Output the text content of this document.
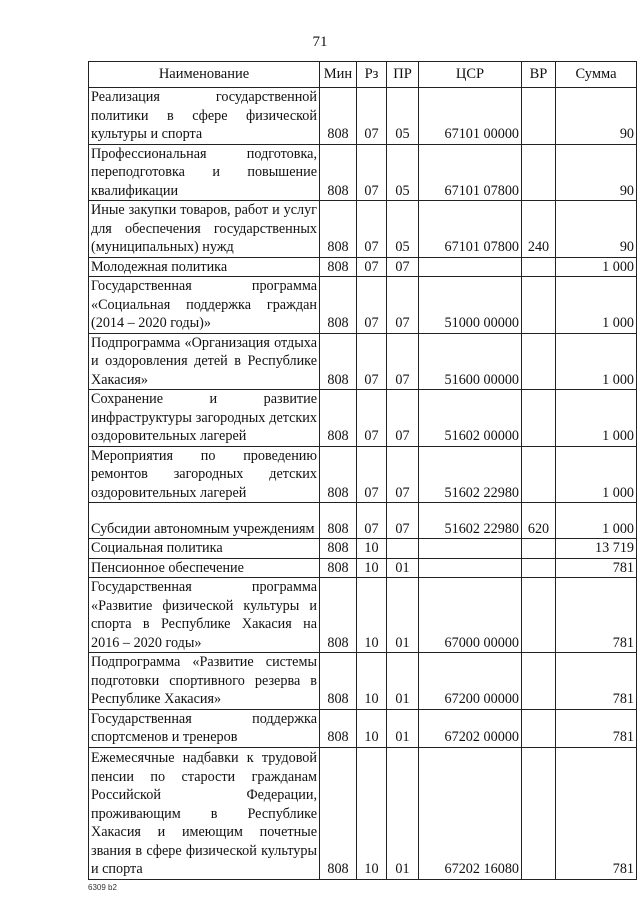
71
Наименование	Мин	Рз	ПР	ЦСР	ВР	Сумма
Реализация государственной политики в сфере физической культуры и спорта	808	07	05	67101 00000		90
Профессиональная подготовка, переподготовка и повышение квалификации	808	07	05	67101 07800		90
Иные закупки товаров, работ и услуг для обеспечения государственных (муниципальных) нужд	808	07	05	67101 07800	240	90
Молодежная политика	808	07	07			1 000
Государственная программа «Социальная поддержка граждан (2014 – 2020 годы)»	808	07	07	51000 00000		1 000
Подпрограмма «Организация отдыха и оздоровления детей в Республике Хакасия»	808	07	07	51600 00000		1 000
Сохранение и развитие инфраструктуры загородных детских оздоровительных лагерей	808	07	07	51602 00000		1 000
Мероприятия по проведению ремонтов загородных детских оздоровительных лагерей	808	07	07	51602 22980		1 000
Субсидии автономным учреждениям	808	07	07	51602 22980	620	1 000
Социальная политика	808	10				13 719
Пенсионное обеспечение	808	10	01			781
Государственная программа «Развитие физической культуры и спорта в Республике Хакасия на 2016 – 2020 годы»	808	10	01	67000 00000		781
Подпрограмма «Развитие системы подготовки спортивного резерва в Республике Хакасия»	808	10	01	67200 00000		781
Государственная поддержка спортсменов и тренеров	808	10	01	67202 00000		781
Ежемесячные надбавки к трудовой пенсии по старости гражданам Российской Федерации, проживающим в Республике Хакасия и имеющим почетные звания в сфере физической культуры и спорта	808	10	01	67202 16080		781
6309 b2
